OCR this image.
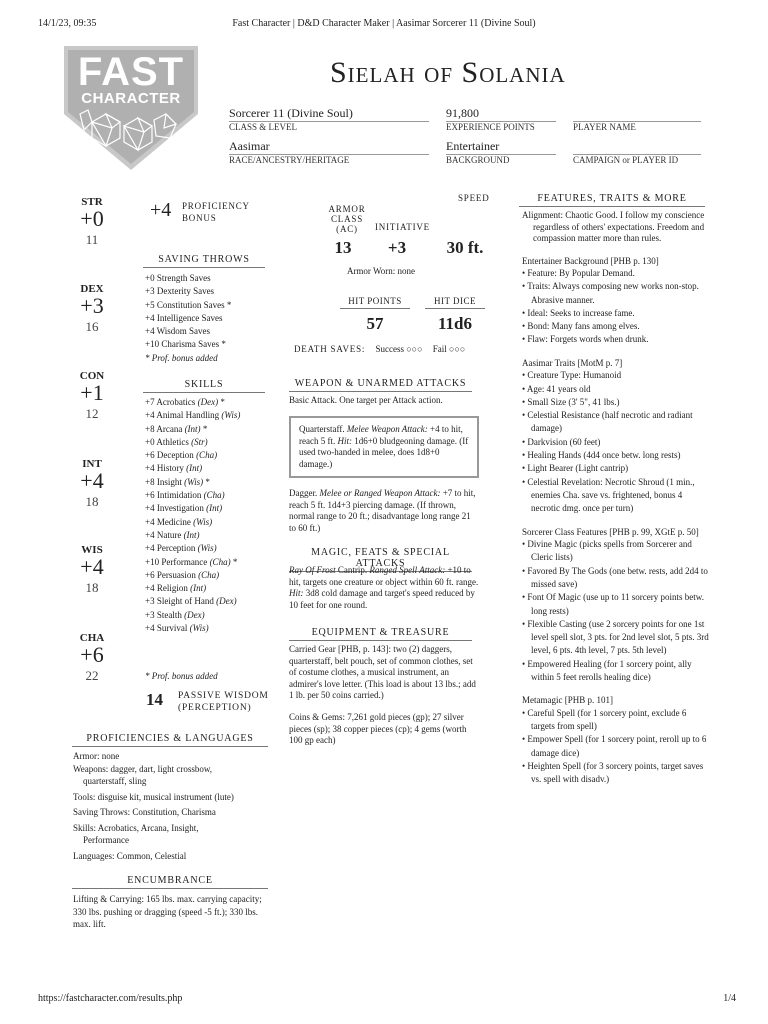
14/1/23, 09:35	Fast Character | D&D Character Maker | Aasimar Sorcerer 11 (Divine Soul)
FAST
CHARACTER
Sielah of Solania
Sorcerer 11 (Divine Soul)
CLASS & LEVEL
91,800
EXPERIENCE POINTS	PLAYER NAME
Aasimar
RACE/ANCESTRY/HERITAGE
Entertainer
BACKGROUND	CAMPAIGN or PLAYER ID
STR
+0
11
DEX
+3
16
CON
+1
12
INT
+4
18
WIS
+4
18
CHA
+6
22
+4 PROFICIENCY
BONUS
SAVING THROWS
+0 Strength Saves
+3 Dexterity Saves
+5 Constitution Saves *
+4 Intelligence Saves
+4 Wisdom Saves
+10 Charisma Saves *
* Prof. bonus added
SKILLS
+7 Acrobatics (Dex) *
+4 Animal Handling (Wis)
+8 Arcana (Int) *
+0 Athletics (Str)
+6 Deception (Cha)
+4 History (Int)
+8 Insight (Wis) *
+6 Intimidation (Cha)
+4 Investigation (Int)
+4 Medicine (Wis)
+4 Nature (Int)
+4 Perception (Wis)
+10 Performance (Cha) *
+6 Persuasion (Cha)
+4 Religion (Int)
+3 Sleight of Hand (Dex)
+3 Stealth (Dex)
+4 Survival (Wis)
* Prof. bonus added
14 PASSIVE WISDOM
(PERCEPTION)
PROFICIENCIES & LANGUAGES
Armor: none
Weapons: dagger, dart, light crossbow,
quarterstaff, sling
Tools: disguise kit, musical instrument (lute)
Saving Throws: Constitution, Charisma
Skills: Acrobatics, Arcana, Insight,
Performance
Languages: Common, Celestial
ENCUMBRANCE
Lifting & Carrying: 165 lbs. max. carrying capacity; 330 lbs. pushing or dragging (speed -5 ft.); 330 lbs. max. lift.
SPEED
ARMOR CLASS
(AC)	INITIATIVE
13	+3	30 ft.
Armor Worn: none
HIT POINTS	HIT DICE
57	11d6
DEATH SAVES: Success ○○○ Fail ○○○
WEAPON & UNARMED ATTACKS
Basic Attack. One target per Attack action.
Quarterstaff. Melee Weapon Attack: +4 to hit, reach 5 ft. Hit: 1d6+0 bludgeoning damage. (If used two-handed in melee, does 1d8+0 damage.)
Dagger. Melee or Ranged Weapon Attack: +7 to hit, reach 5 ft. 1d4+3 piercing damage. (If thrown, normal range to 20 ft.; disadvantage long range 21 to 60 ft.)
MAGIC, FEATS & SPECIAL ATTACKS
Ray Of Frost Cantrip. Ranged Spell Attack: +10 to hit, targets one creature or object within 60 ft. range. Hit: 3d8 cold damage and target's speed reduced by 10 feet for one round.
EQUIPMENT & TREASURE
Carried Gear [PHB, p. 143]: two (2) daggers, quarterstaff, belt pouch, set of common clothes, set of costume clothes, a musical instrument, an admirer's love letter. (This load is about 13 lbs.; add 1 lb. per 50 coins carried.)
Coins & Gems: 7,261 gold pieces (gp); 27 silver pieces (sp); 38 copper pieces (cp); 4 gems (worth 100 gp each)
FEATURES, TRAITS & MORE
Alignment: Chaotic Good. I follow my conscience regardless of others' expectations. Freedom and compassion matter more than rules.
Entertainer Background [PHB p. 130]
• Feature: By Popular Demand.
• Traits: Always composing new works non-stop. Abrasive manner.
• Ideal: Seeks to increase fame.
• Bond: Many fans among elves.
• Flaw: Forgets words when drunk.
Aasimar Traits [MotM p. 7]
• Creature Type: Humanoid
• Age: 41 years old
• Small Size (3' 5", 41 lbs.)
• Celestial Resistance (half necrotic and radiant damage)
• Darkvision (60 feet)
• Healing Hands (4d4 once betw. long rests)
• Light Bearer (Light cantrip)
• Celestial Revelation: Necrotic Shroud (1 min., enemies Cha. save vs. frightened, bonus 4 necrotic dmg. once per turn)
Sorcerer Class Features [PHB p. 99, XGtE p. 50]
• Divine Magic (picks spells from Sorcerer and Cleric lists)
• Favored By The Gods (one betw. rests, add 2d4 to missed save)
• Font Of Magic (use up to 11 sorcery points betw. long rests)
• Flexible Casting (use 2 sorcery points for one 1st level spell slot, 3 pts. for 2nd level slot, 5 pts. 3rd level, 6 pts. 4th level, 7 pts. 5th level)
• Empowered Healing (for 1 sorcery point, ally within 5 feet rerolls healing dice)
Metamagic [PHB p. 101]
• Careful Spell (for 1 sorcery point, exclude 6 targets from spell)
• Empower Spell (for 1 sorcery point, reroll up to 6 damage dice)
• Heighten Spell (for 3 sorcery points, target saves vs. spell with disadv.)
https://fastcharacter.com/results.php	1/4
